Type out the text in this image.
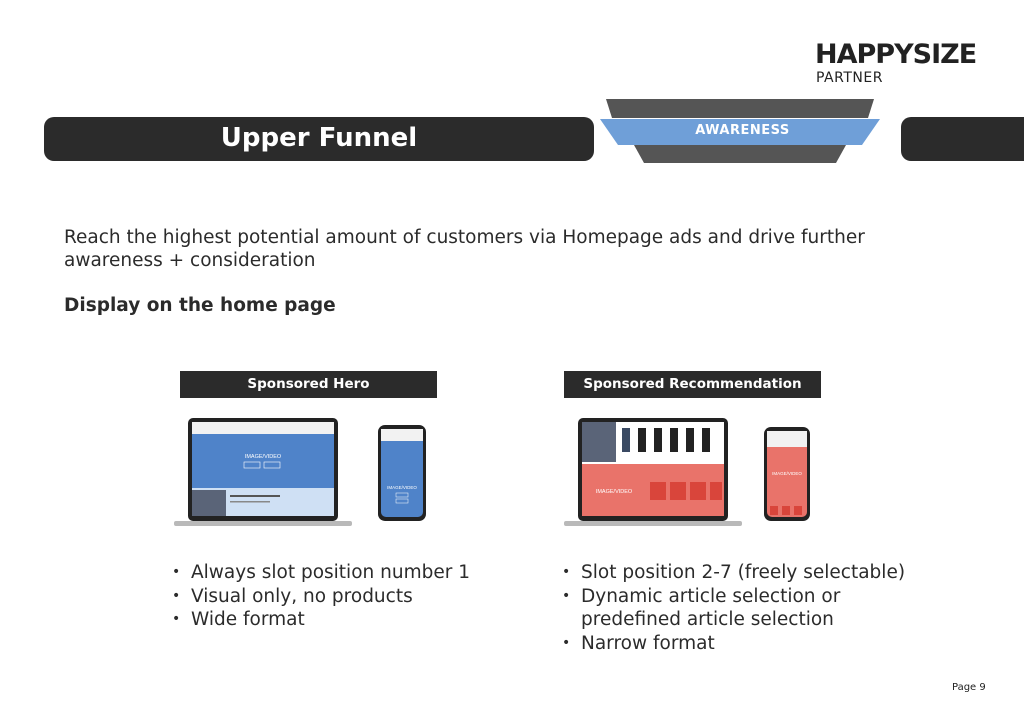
HAPPYSIZE
PARTNER
Upper Funnel	AWARENESS
Reach the highest potential amount of customers via Homepage ads and drive further awareness + consideration
Display on the home page
Sponsored Hero	Sponsored Recommendation
IMAGE/VIDEO
IMAGE/VIDEO
IMAGE/VIDEO
IMAGE/VIDEO
• Always slot position number 1
• Visual only, no products
• Wide format
• Slot position 2-7 (freely selectable)
• Dynamic article selection or predefined article selection
• Narrow format
Page 9
